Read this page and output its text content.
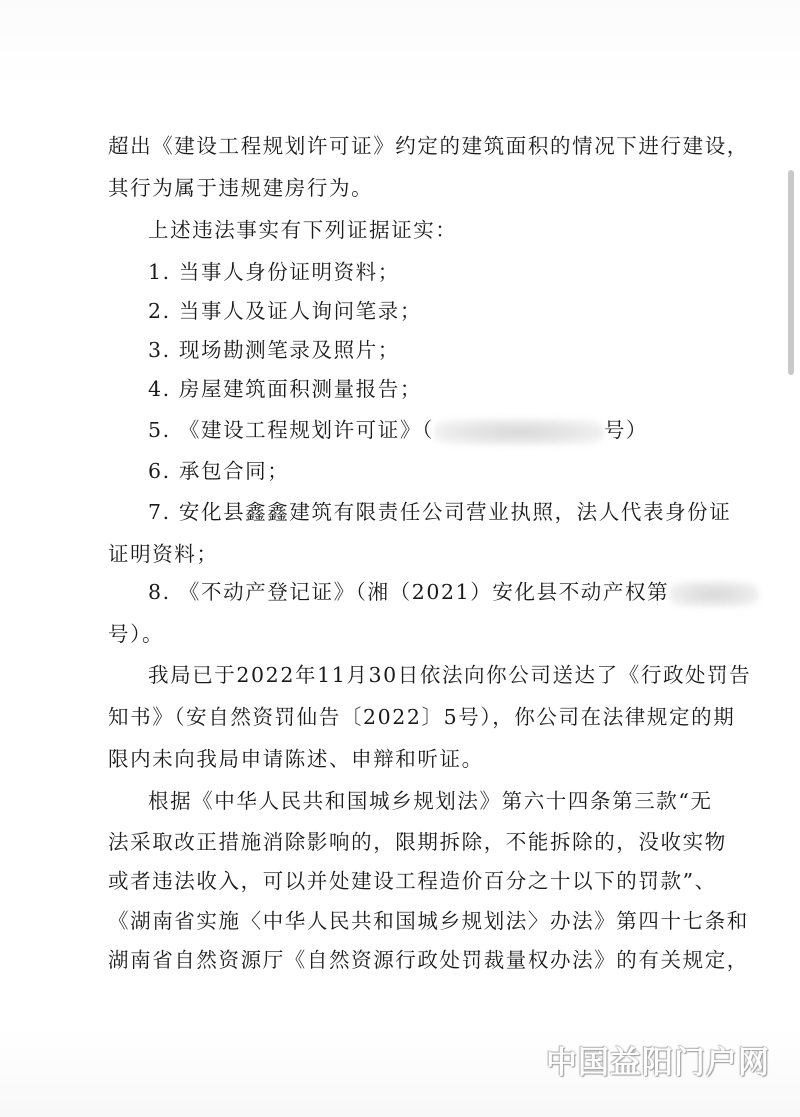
超出《建设工程规划许可证》约定的建筑面积的情况下进行建设，
其行为属于违规建房行为。
上述违法事实有下列证据证实：
1. 当事人身份证明资料；
2. 当事人及证人询问笔录；
3. 现场勘测笔录及照片；
4. 房屋建筑面积测量报告；
5. 《建设工程规划许可证》（	号）
6. 承包合同；
7. 安化县鑫鑫建筑有限责任公司营业执照，法人代表身份证
证明资料；
8. 《不动产登记证》（湘（2021）安化县不动产权第
号）。
我局已于2022年11月30日依法向你公司送达了《行政处罚告
知书》（安自然资罚仙告〔2022〕5号），你公司在法律规定的期
限内未向我局申请陈述、申辩和听证。
根据《中华人民共和国城乡规划法》第六十四条第三款“无
法采取改正措施消除影响的，限期拆除，不能拆除的，没收实物
或者违法收入，可以并处建设工程造价百分之十以下的罚款”、
《湖南省实施〈中华人民共和国城乡规划法〉办法》第四十七条和
湖南省自然资源厅《自然资源行政处罚裁量权办法》的有关规定，
中国益阳门户网
